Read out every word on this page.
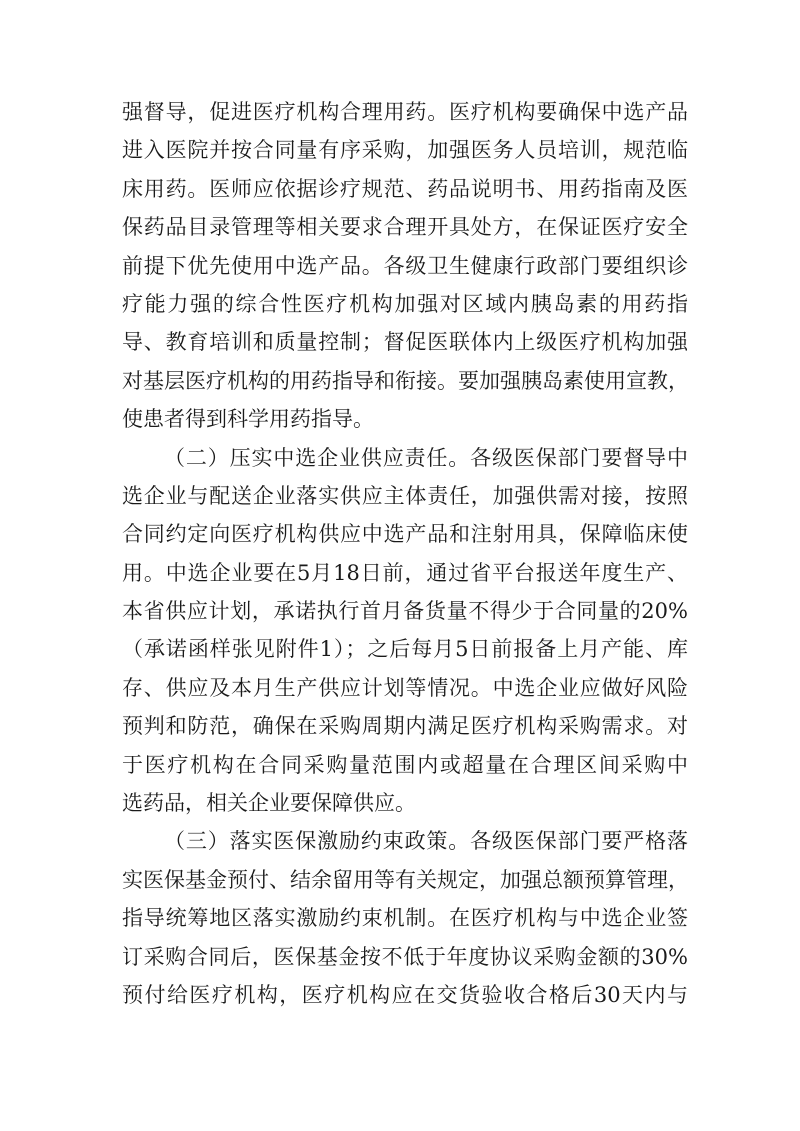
强督导，促进医疗机构合理用药。医疗机构要确保中选产品
进入医院并按合同量有序采购，加强医务人员培训，规范临
床用药。医师应依据诊疗规范、药品说明书、用药指南及医
保药品目录管理等相关要求合理开具处方，在保证医疗安全
前提下优先使用中选产品。各级卫生健康行政部门要组织诊
疗能力强的综合性医疗机构加强对区域内胰岛素的用药指
导、教育培训和质量控制；督促医联体内上级医疗机构加强
对基层医疗机构的用药指导和衔接。要加强胰岛素使用宣教，
使患者得到科学用药指导。
（二）压实中选企业供应责任。各级医保部门要督导中
选企业与配送企业落实供应主体责任，加强供需对接，按照
合同约定向医疗机构供应中选产品和注射用具，保障临床使
用。中选企业要在5月18日前，通过省平台报送年度生产、
本省供应计划，承诺执行首月备货量不得少于合同量的20%
（承诺函样张见附件1）；之后每月5日前报备上月产能、库
存、供应及本月生产供应计划等情况。中选企业应做好风险
预判和防范，确保在采购周期内满足医疗机构采购需求。对
于医疗机构在合同采购量范围内或超量在合理区间采购中
选药品，相关企业要保障供应。
（三）落实医保激励约束政策。各级医保部门要严格落
实医保基金预付、结余留用等有关规定，加强总额预算管理，
指导统筹地区落实激励约束机制。在医疗机构与中选企业签
订采购合同后，医保基金按不低于年度协议采购金额的30%
预付给医疗机构，医疗机构应在交货验收合格后30天内与
